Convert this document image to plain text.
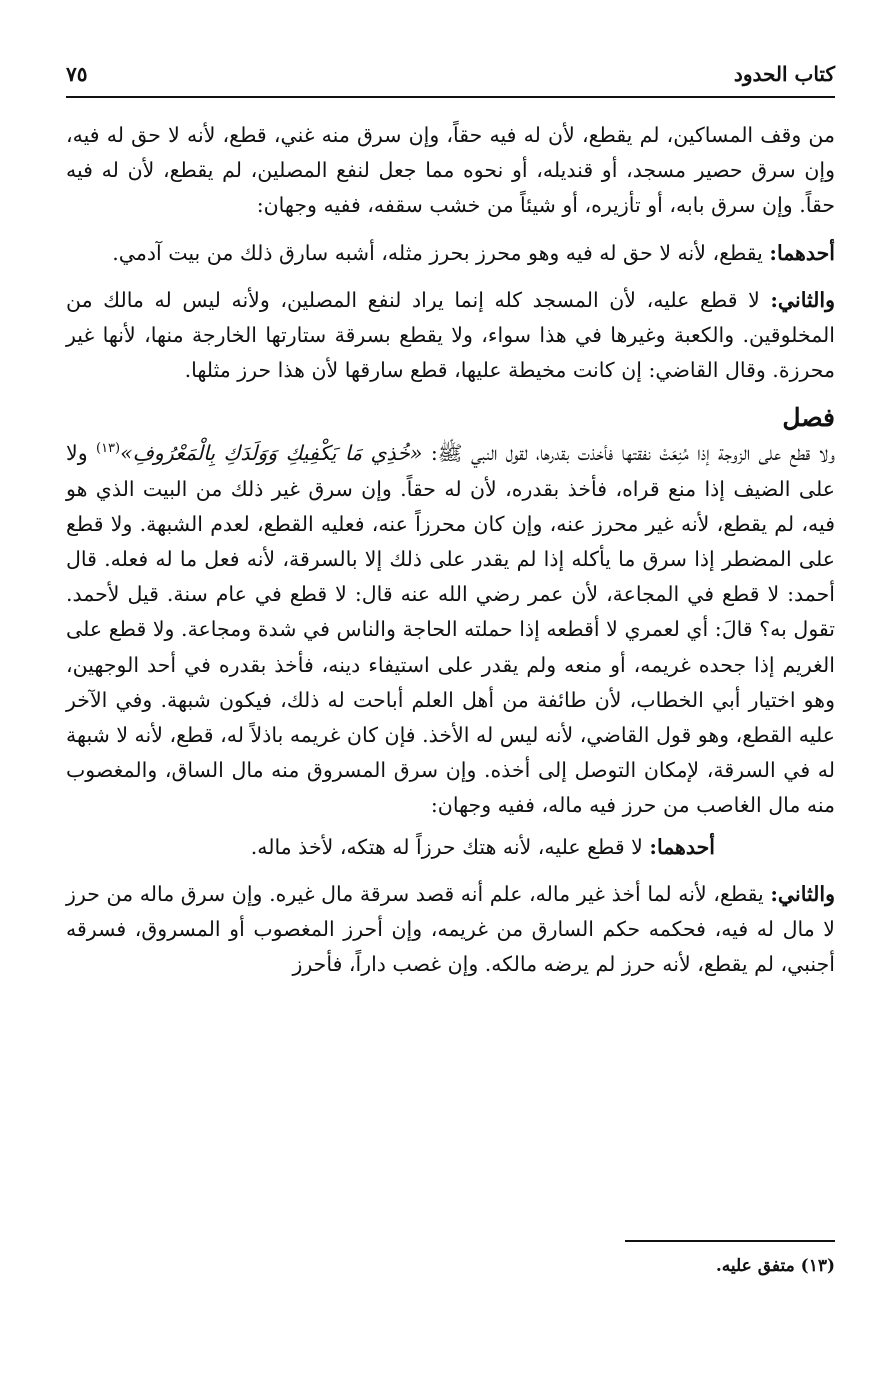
كتاب الحدود
٧٥

من وقف المساكين، لم يقطع، لأن له فيه حقاً، وإن سرق منه غني، قطع، لأنه لا حق له فيه، وإن سرق حصير مسجد، أو قنديله، أو نحوه مما جعل لنفع المصلين، لم يقطع، لأن له فيه حقاً. وإن سرق بابه، أو تأزيره، أو شيئاً من خشب سقفه، ففيه وجهان:

أحدهما: يقطع، لأنه لا حق له فيه وهو محرز بحرز مثله، أشبه سارق ذلك من بيت آدمي.

والثاني: لا قطع عليه، لأن المسجد كله إنما يراد لنفع المصلين، ولأنه ليس له مالك من المخلوقين. والكعبة وغيرها في هذا سواء، ولا يقطع بسرقة ستارتها الخارجة منها، لأنها غير محرزة. وقال القاضي: إن كانت مخيطة عليها، قطع سارقها لأن هذا حرز مثلها.

فصل

ولا قطع على الزوجة إذا مُنِعَتْ نفقتها فأخذت بقدرها، لقول النبي ﷺ: «خُذِي مَا يَكْفِيكِ وَوَلَدَكِ بِالْمَعْرُوفِ»$^{(١٣)}$ ولا على الضيف إذا منع قراه، فأخذ بقدره، لأن له حقاً. وإن سرق غير ذلك من البيت الذي هو فيه، لم يقطع، لأنه غير محرز عنه، وإن كان محرزاً عنه، فعليه القطع، لعدم الشبهة. ولا قطع على المضطر إذا سرق ما يأكله إذا لم يقدر على ذلك إلا بالسرقة، لأنه فعل ما له فعله. قال أحمد: لا قطع في المجاعة، لأن عمر رضي الله عنه قال: لا قطع في عام سنة. قيل لأحمد. تقول به؟ قالَ: أي لعمري لا أقطعه إذا حملته الحاجة والناس في شدة ومجاعة. ولا قطع على الغريم إذا جحده غريمه، أو منعه ولم يقدر على استيفاء دينه، فأخذ بقدره في أحد الوجهين، وهو اختيار أبي الخطاب، لأن طائفة من أهل العلم أباحت له ذلك، فيكون شبهة. وفي الآخر عليه القطع، وهو قول القاضي، لأنه ليس له الأخذ. فإن كان غريمه باذلاً له، قطع، لأنه لا شبهة له في السرقة، لإمكان التوصل إلى أخذه. وإن سرق المسروق منه مال الساق، والمغصوب منه مال الغاصب من حرز فيه ماله، ففيه وجهان:

أحدهما: لا قطع عليه، لأنه هتك حرزاً له هتكه، لأخذ ماله.

والثاني: يقطع، لأنه لما أخذ غير ماله، علم أنه قصد سرقة مال غيره. وإن سرق ماله من حرز لا مال له فيه، فحكمه حكم السارق من غريمه، وإن أحرز المغصوب أو المسروق، فسرقه أجنبي، لم يقطع، لأنه حرز لم يرضه مالكه. وإن غصب داراً، فأحرز

(١٣) متفق عليه.
